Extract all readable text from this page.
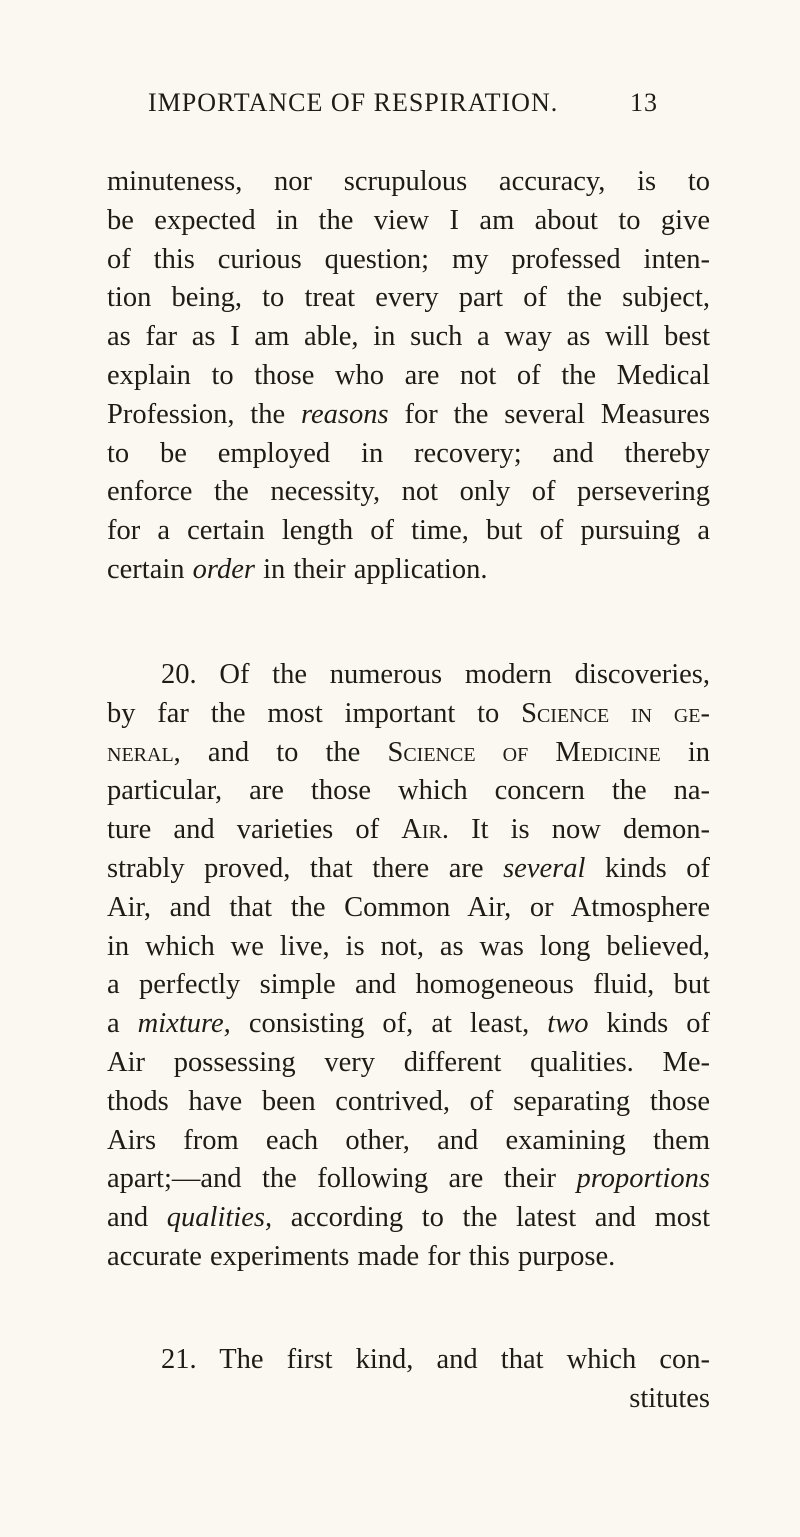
IMPORTANCE OF RESPIRATION.	13
minuteness, nor scrupulous accuracy, is to
be expected in the view I am about to give
of this curious question; my professed inten-
tion being, to treat every part of the subject,
as far as I am able, in such a way as will best
explain to those who are not of the Medical
Profession, the reasons for the several Measures
to be employed in recovery; and thereby
enforce the necessity, not only of persevering
for a certain length of time, but of pursuing a
certain order in their application.
20. Of the numerous modern discoveries,
by far the most important to Science in ge-
neral, and to the Science of Medicine in
particular, are those which concern the na-
ture and varieties of Air. It is now demon-
strably proved, that there are several kinds of
Air, and that the Common Air, or Atmosphere
in which we live, is not, as was long believed,
a perfectly simple and homogeneous fluid, but
a mixture, consisting of, at least, two kinds of
Air possessing very different qualities. Me-
thods have been contrived, of separating those
Airs from each other, and examining them
apart;—and the following are their proportions
and qualities, according to the latest and most
accurate experiments made for this purpose.
21. The first kind, and that which con-
stitutes
